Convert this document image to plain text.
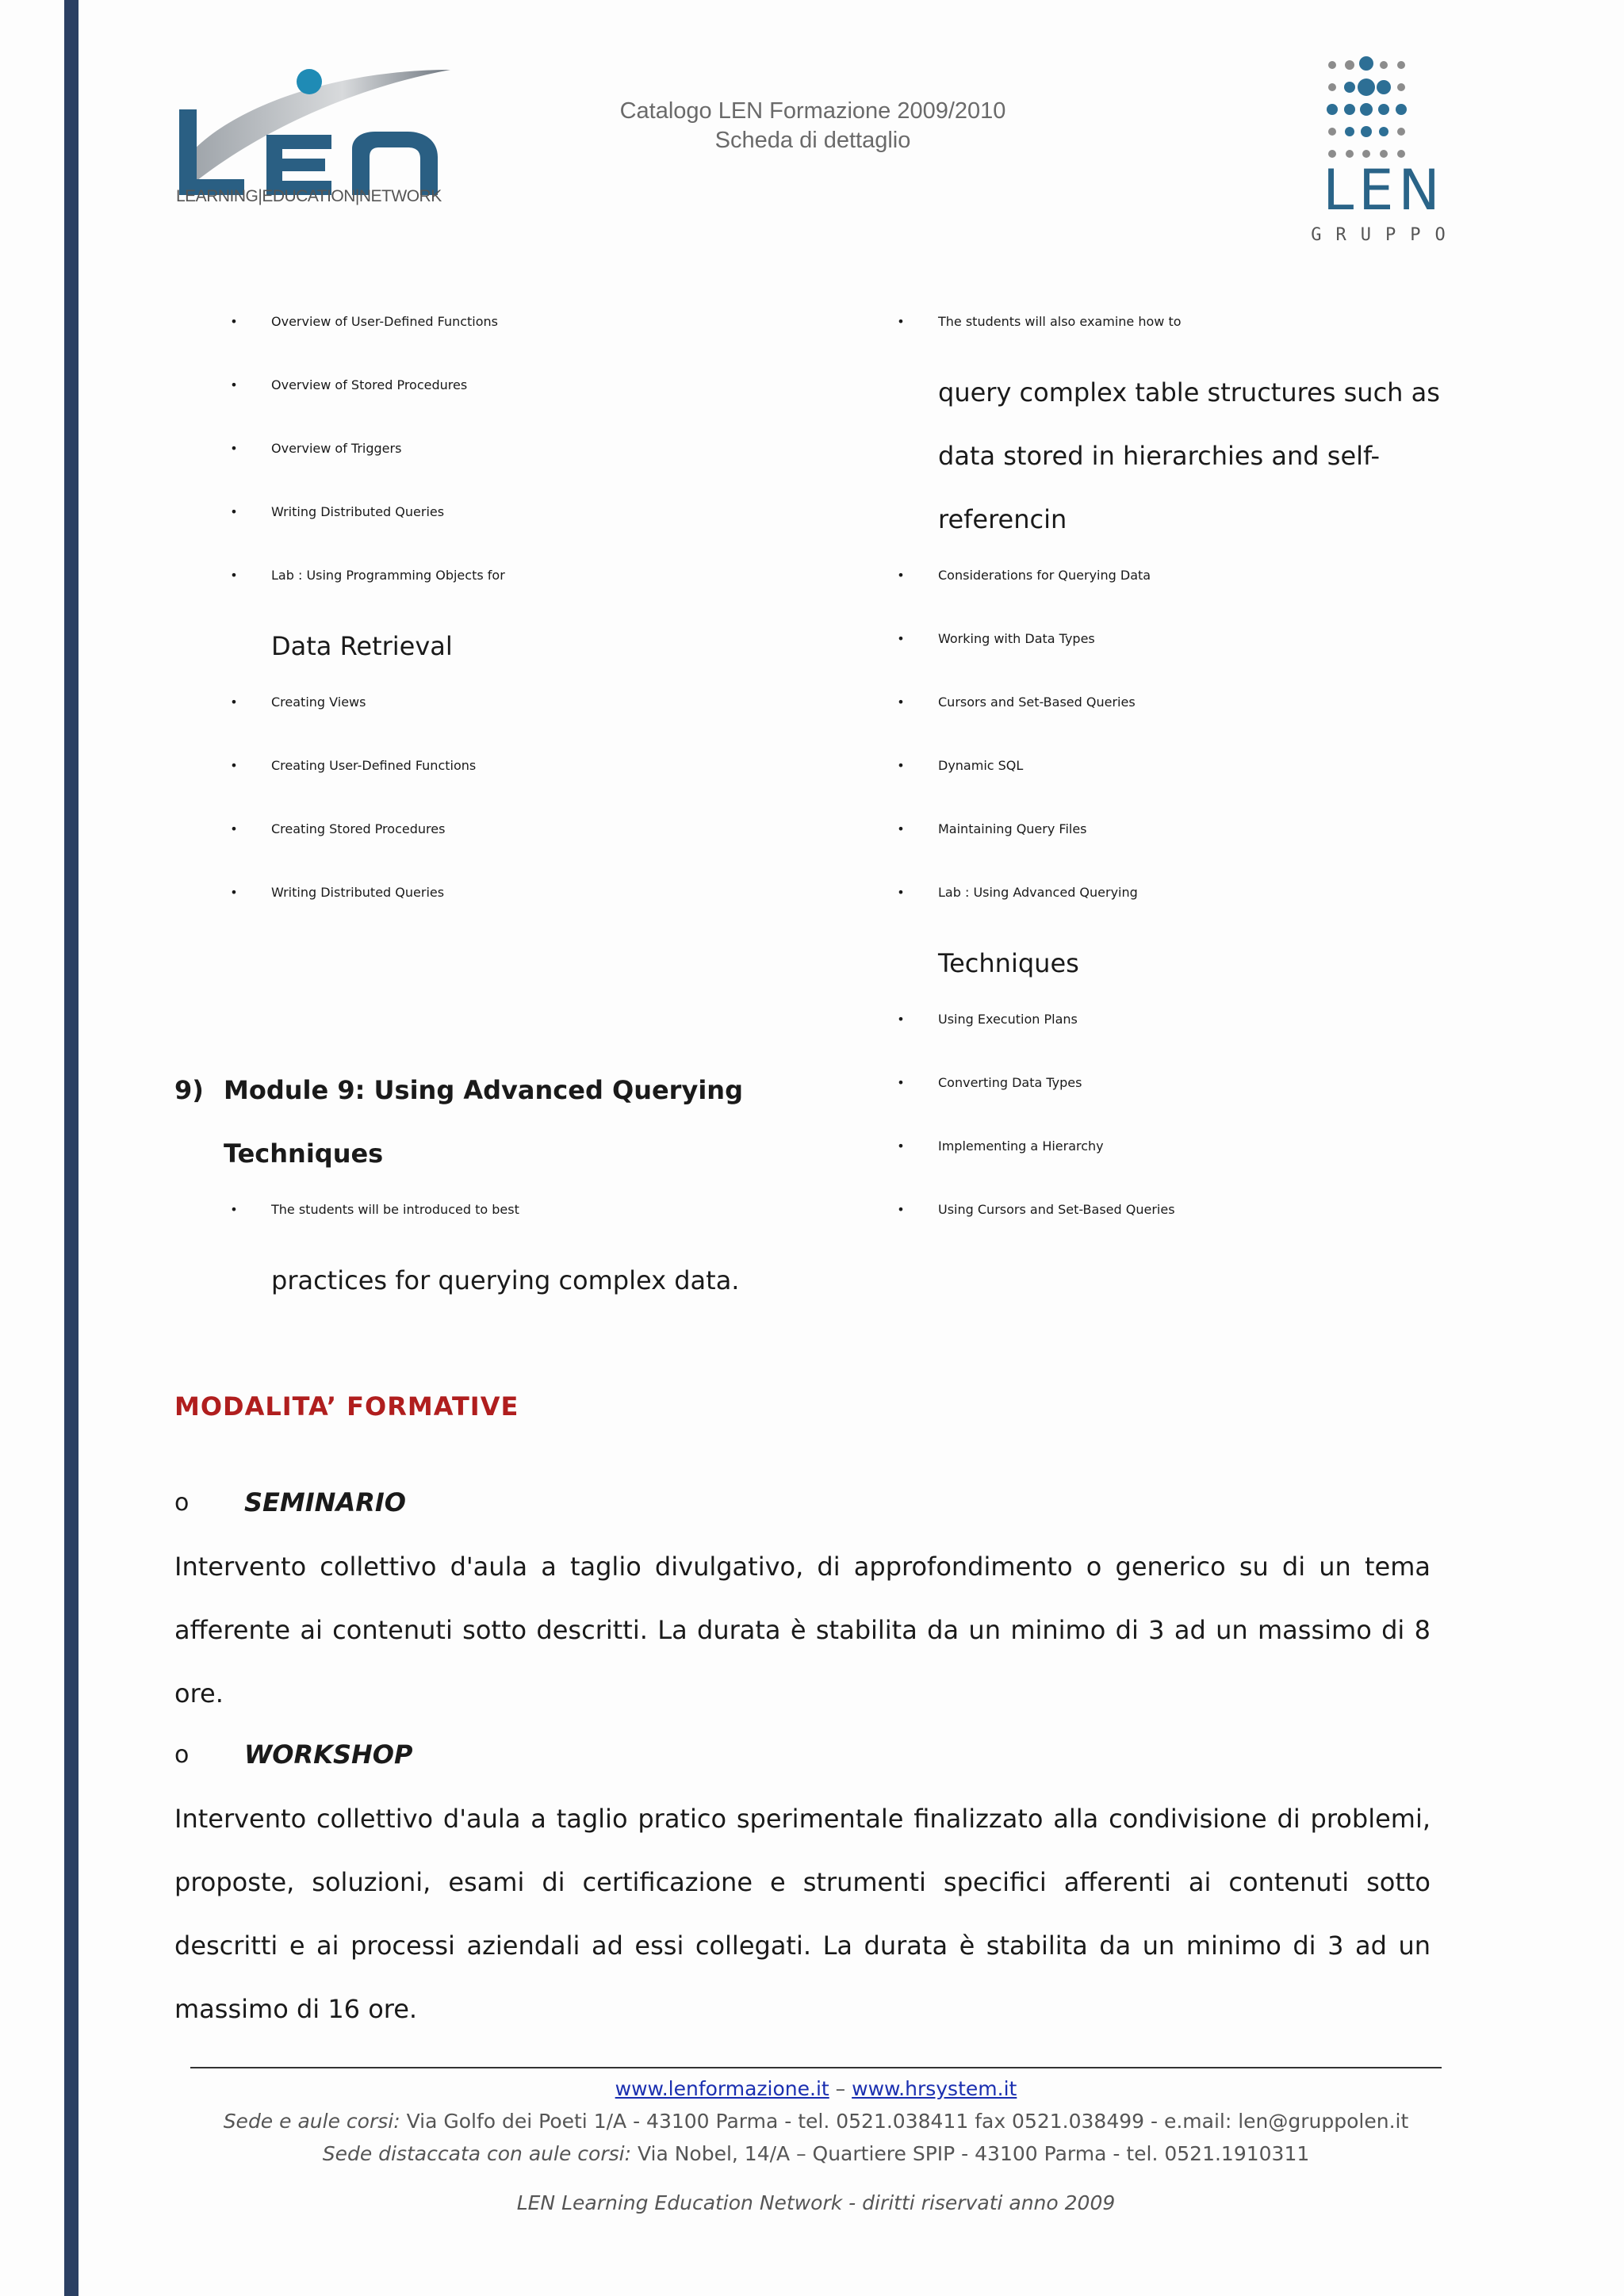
LEARNING|EDUCATION|NETWORK
Catalogo LEN Formazione 2009/2010
Scheda di dettaglio
LEN
GRUPPO
•	Overview of User-Defined Functions
•	Overview of Stored Procedures
•	Overview of Triggers
•	Writing Distributed Queries
•	Lab : Using Programming Objects for
Data Retrieval
•	Creating Views
•	Creating User-Defined Functions
•	Creating Stored Procedures
•	Writing Distributed Queries
9) Module 9: Using Advanced Querying
Techniques
•	The students will be introduced to best
practices for querying complex data.
•	The students will also examine how to
query complex table structures such as
data stored in hierarchies and self-
referencin
•	Considerations for Querying Data
•	Working with Data Types
•	Cursors and Set-Based Queries
•	Dynamic SQL
•	Maintaining Query Files
•	Lab : Using Advanced Querying
Techniques
•	Using Execution Plans
•	Converting Data Types
•	Implementing a Hierarchy
•	Using Cursors and Set-Based Queries
MODALITA’ FORMATIVE
o SEMINARIO
Intervento collettivo d'aula a taglio divulgativo, di approfondimento o generico su di un tema afferente ai contenuti sotto descritti. La durata è stabilita da un minimo di 3 ad un massimo di 8 ore.
o WORKSHOP
Intervento collettivo d'aula a taglio pratico sperimentale finalizzato alla condivisione di problemi, proposte, soluzioni, esami di certificazione e strumenti specifici afferenti ai contenuti sotto descritti e ai processi aziendali ad essi collegati. La durata è stabilita da un minimo di 3 ad un massimo di 16 ore.
www.lenformazione.it – www.hrsystem.it
Sede e aule corsi: Via Golfo dei Poeti 1/A - 43100 Parma - tel. 0521.038411 fax 0521.038499 - e.mail: len@gruppolen.it
Sede distaccata con aule corsi: Via Nobel, 14/A – Quartiere SPIP - 43100 Parma - tel. 0521.1910311
LEN Learning Education Network - diritti riservati anno 2009
